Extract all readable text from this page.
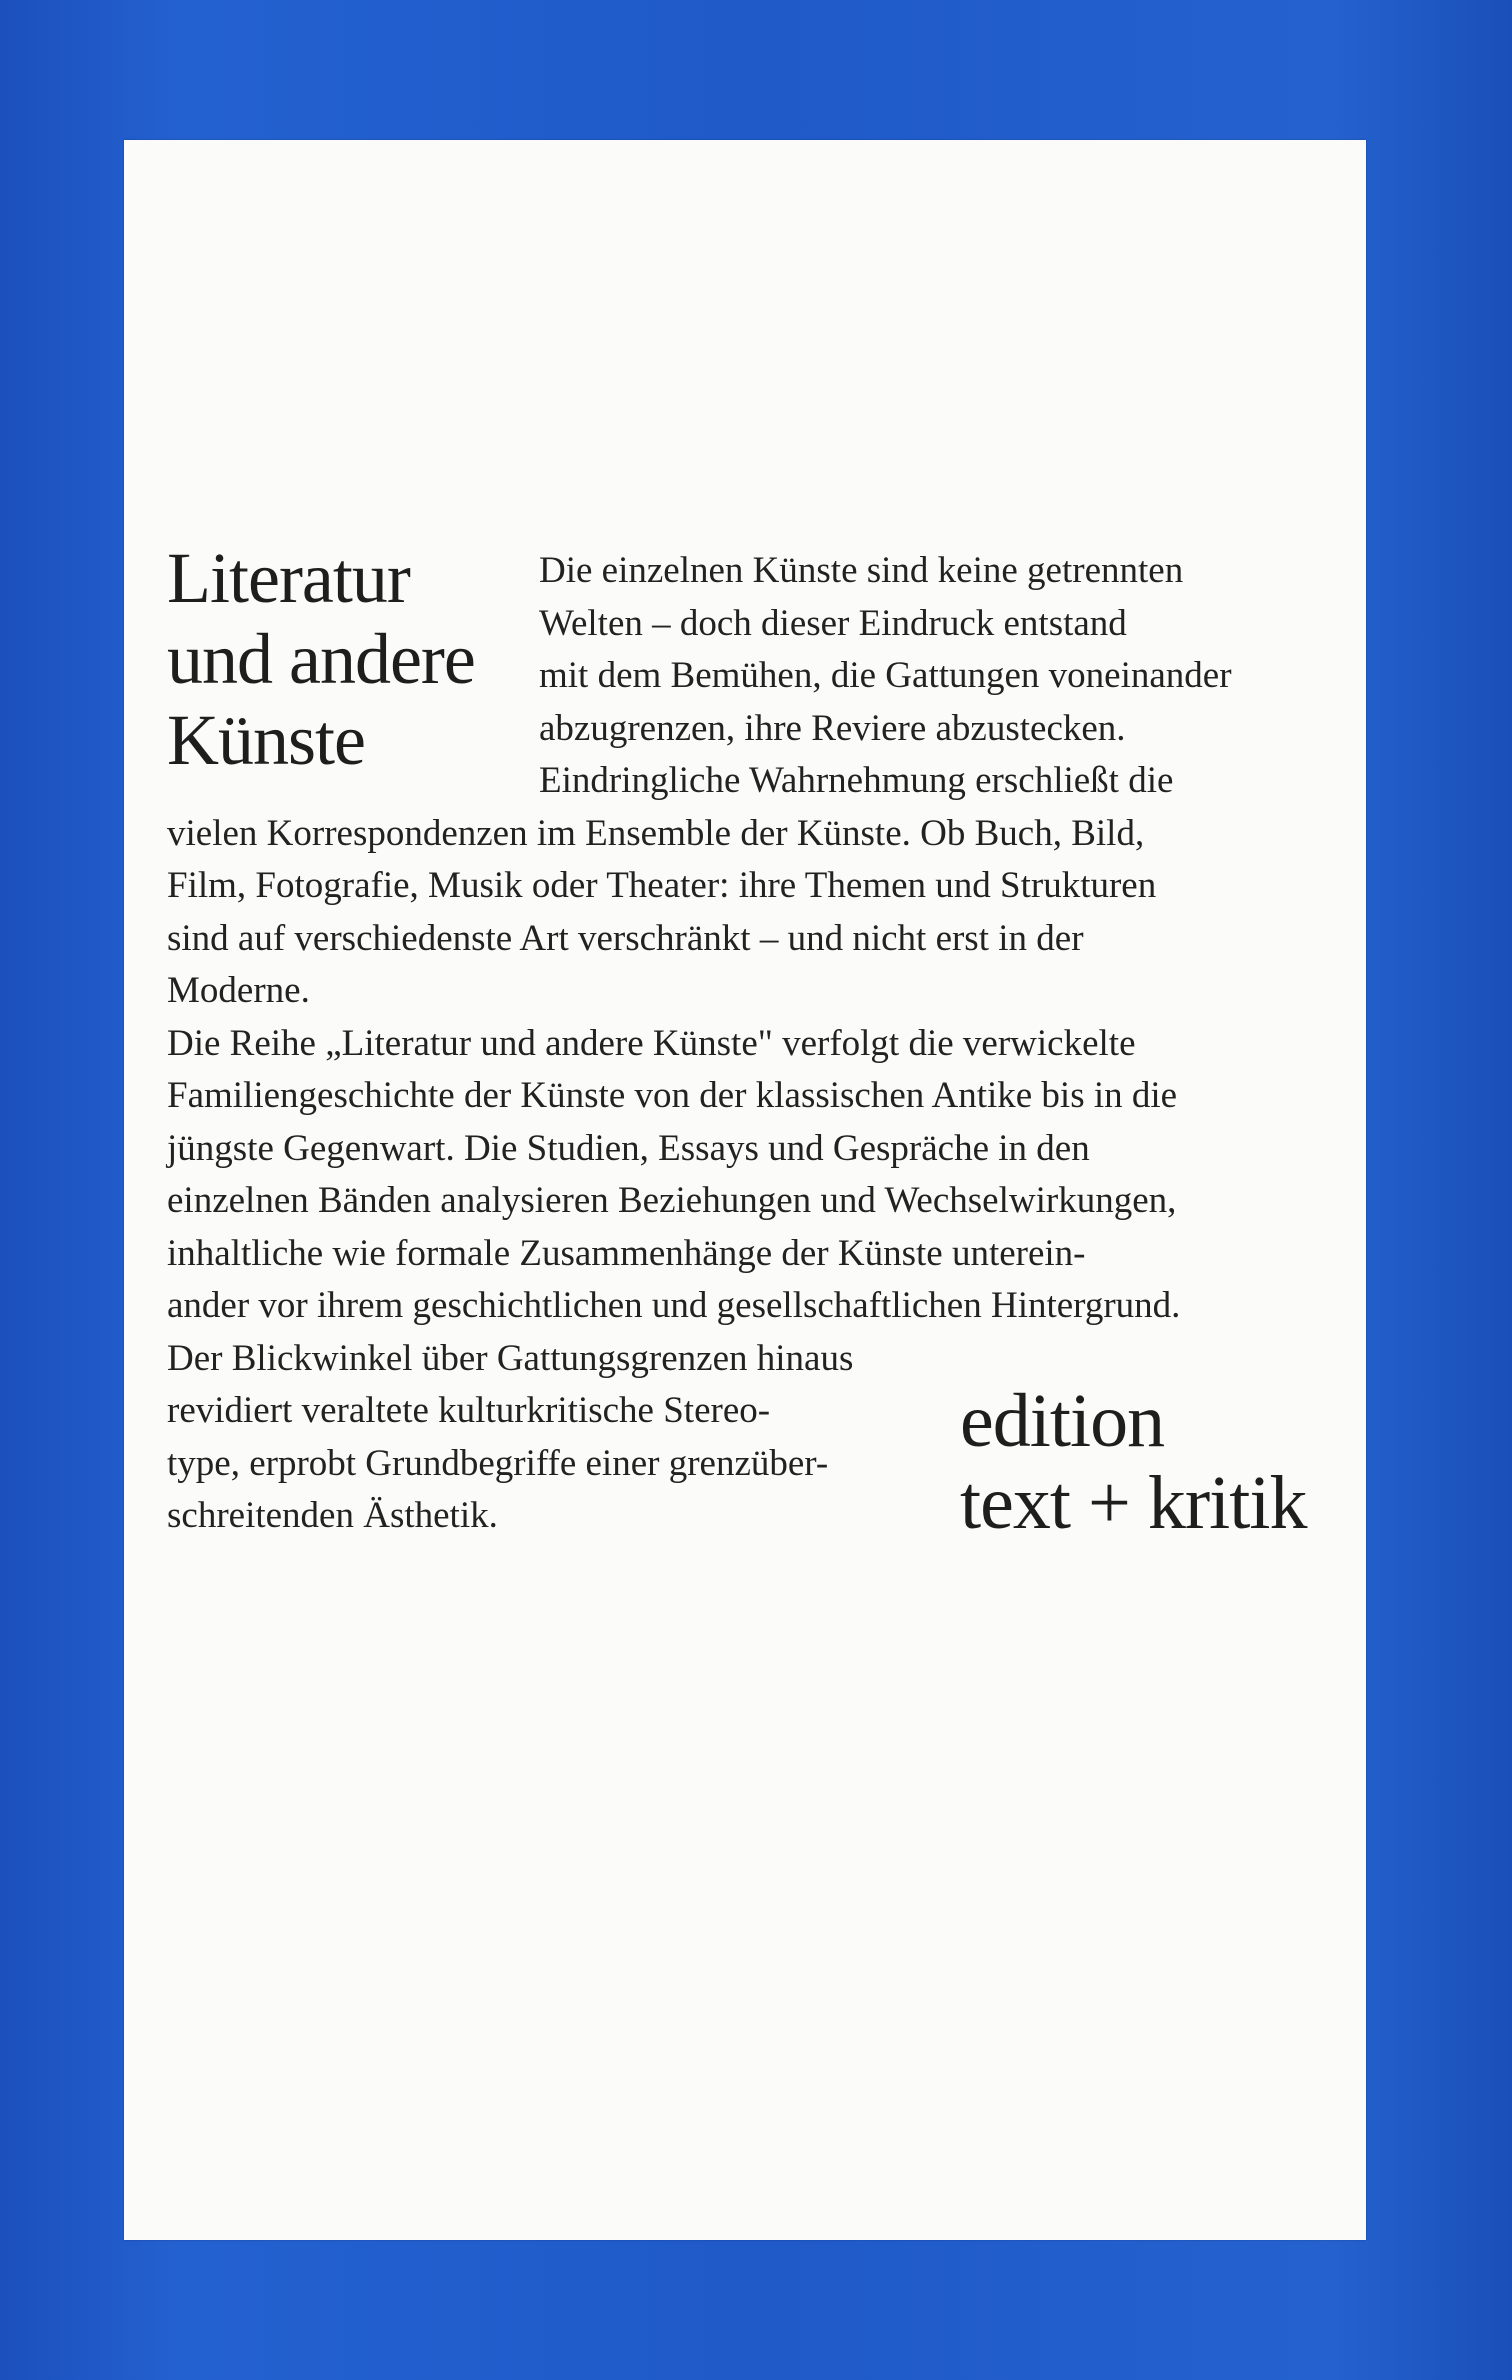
Literatur
und andere
Künste
Die einzelnen Künste sind keine getrennten
Welten – doch dieser Eindruck entstand
mit dem Bemühen, die Gattungen voneinander
abzugrenzen, ihre Reviere abzustecken.
Eindringliche Wahrnehmung erschließt die
vielen Korrespondenzen im Ensemble der Künste. Ob Buch, Bild,
Film, Fotografie, Musik oder Theater: ihre Themen und Strukturen
sind auf verschiedenste Art verschränkt – und nicht erst in der
Moderne.
Die Reihe „Literatur und andere Künste" verfolgt die verwickelte
Familiengeschichte der Künste von der klassischen Antike bis in die
jüngste Gegenwart. Die Studien, Essays und Gespräche in den
einzelnen Bänden analysieren Beziehungen und Wechselwirkungen,
inhaltliche wie formale Zusammenhänge der Künste unterein-
ander vor ihrem geschichtlichen und gesellschaftlichen Hintergrund.
Der Blickwinkel über Gattungsgrenzen hinaus
revidiert veraltete kulturkritische Stereo-
type, erprobt Grundbegriffe einer grenzüber-
schreitenden Ästhetik.
edition
text + kritik
